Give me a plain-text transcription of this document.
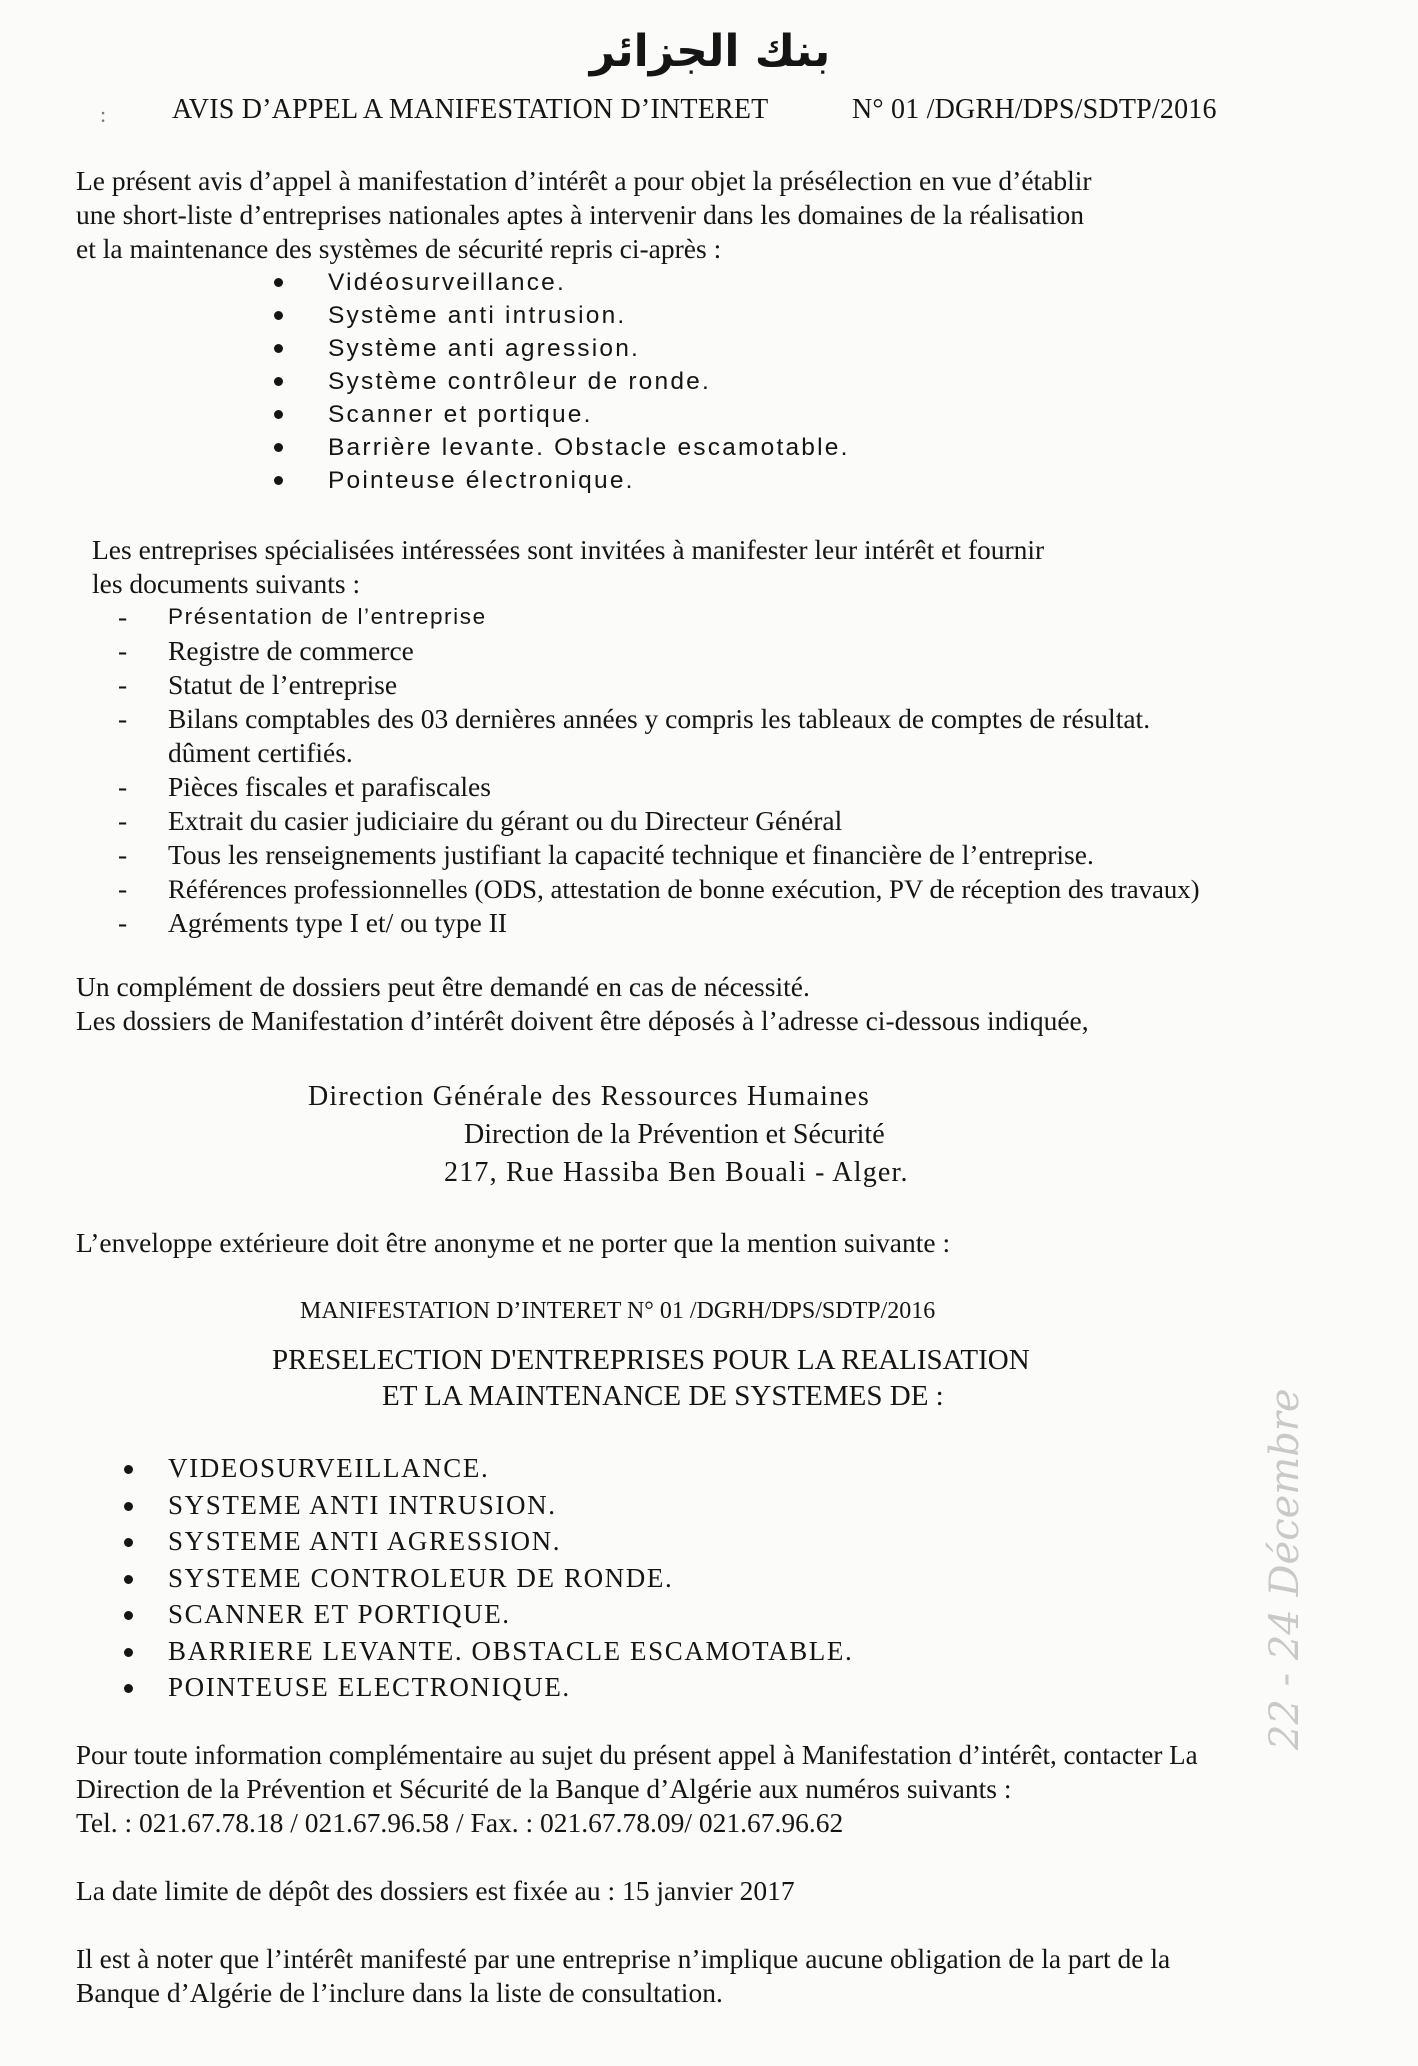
بنك الجزائر
: AVIS D’APPEL A MANIFESTATION D’INTERET	N° 01 /DGRH/DPS/SDTP/2016
Le présent avis d’appel à manifestation d’intérêt a pour objet la présélection en vue d’établir
une short-liste d’entreprises nationales aptes à intervenir dans les domaines de la réalisation
et la maintenance des systèmes de sécurité repris ci-après :
Vidéosurveillance.
Système anti intrusion.
Système anti agression.
Système contrôleur de ronde.
Scanner et portique.
Barrière levante. Obstacle escamotable.
Pointeuse électronique.
Les entreprises spécialisées intéressées sont invitées à manifester leur intérêt et fournir
les documents suivants :
- Présentation de l’entreprise
- Registre de commerce
- Statut de l’entreprise
- Bilans comptables des 03 dernières années y compris les tableaux de comptes de résultat.
dûment certifiés.
- Pièces fiscales et parafiscales
- Extrait du casier judiciaire du gérant ou du Directeur Général
- Tous les renseignements justifiant la capacité technique et financière de l’entreprise.
- Références professionnelles (ODS, attestation de bonne exécution, PV de réception des travaux)
- Agréments type I et/ ou type II
Un complément de dossiers peut être demandé en cas de nécessité.
Les dossiers de Manifestation d’intérêt doivent être déposés à l’adresse ci-dessous indiquée,
Direction Générale des Ressources Humaines
Direction de la Prévention et Sécurité
217, Rue Hassiba Ben Bouali - Alger.
L’enveloppe extérieure doit être anonyme et ne porter que la mention suivante :
MANIFESTATION D’INTERET N° 01 /DGRH/DPS/SDTP/2016
PRESELECTION D'ENTREPRISES POUR LA REALISATION
ET LA MAINTENANCE DE SYSTEMES DE :
VIDEOSURVEILLANCE.
SYSTEME ANTI INTRUSION.
SYSTEME ANTI AGRESSION.
SYSTEME CONTROLEUR DE RONDE.
SCANNER ET PORTIQUE.
BARRIERE LEVANTE. OBSTACLE ESCAMOTABLE.
POINTEUSE ELECTRONIQUE.
Pour toute information complémentaire au sujet du présent appel à Manifestation d’intérêt, contacter La
Direction de la Prévention et Sécurité de la Banque d’Algérie aux numéros suivants :
Tel. : 021.67.78.18 / 021.67.96.58 / Fax. : 021.67.78.09/ 021.67.96.62
La date limite de dépôt des dossiers est fixée au : 15 janvier 2017
Il est à noter que l’intérêt manifesté par une entreprise n’implique aucune obligation de la part de la
Banque d’Algérie de l’inclure dans la liste de consultation.
22 - 24 Décembre
